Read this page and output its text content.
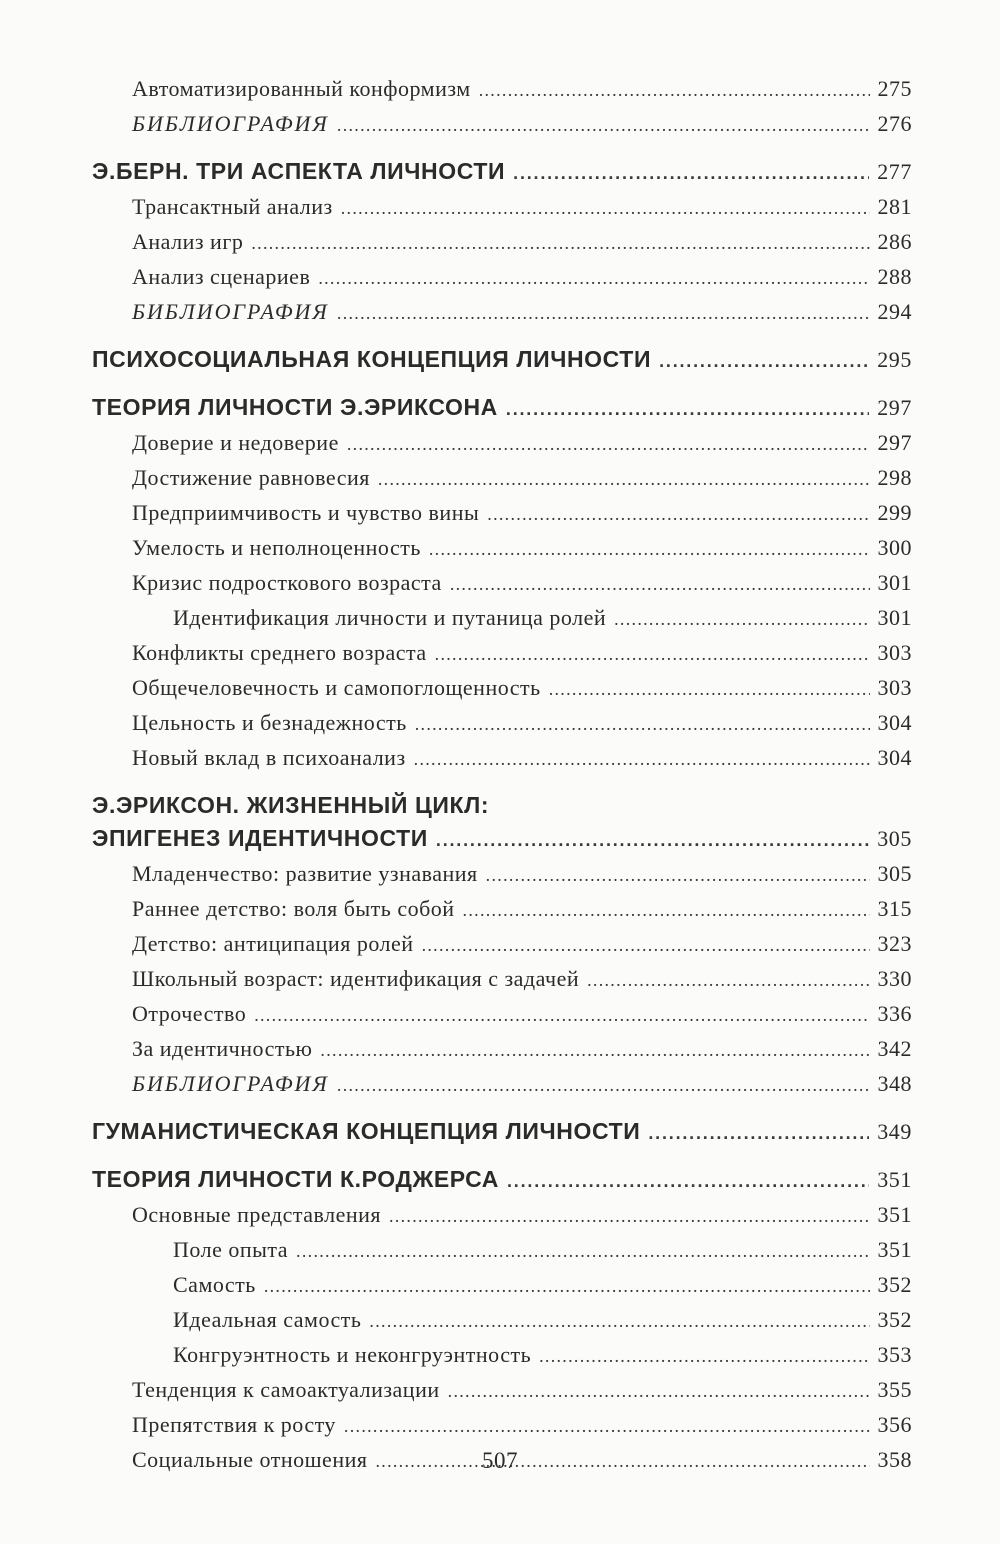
Автоматизированный конформизм . . .	275
БИБЛИОГРАФИЯ . . .	276
Э.БЕРН. ТРИ АСПЕКТА ЛИЧНОСТИ . . .	277
Трансактный анализ . . .	281
Анализ игр . . .	286
Анализ сценариев . . .	288
БИБЛИОГРАФИЯ . . .	294
ПСИХОСОЦИАЛЬНАЯ КОНЦЕПЦИЯ ЛИЧНОСТИ . . .	295
ТЕОРИЯ ЛИЧНОСТИ Э.ЭРИКСОНА . . .	297
Доверие и недоверие . . .	297
Достижение равновесия . . .	298
Предприимчивость и чувство вины . . .	299
Умелость и неполноценность . . .	300
Кризис подросткового возраста . . .	301
Идентификация личности и путаница ролей . . .	301
Конфликты среднего возраста . . .	303
Общечеловечность и самопоглощенность . . .	303
Цельность и безнадежность . . .	304
Новый вклад в психоанализ . . .	304
Э.ЭРИКСОН. ЖИЗНЕННЫЙ ЦИКЛ:
ЭПИГЕНЕЗ ИДЕНТИЧНОСТИ . . .	305
Младенчество: развитие узнавания . . .	305
Раннее детство: воля быть собой . . .	315
Детство: антиципация ролей . . .	323
Школьный возраст: идентификация с задачей . . .	330
Отрочество . . .	336
За идентичностью . . .	342
БИБЛИОГРАФИЯ . . .	348
ГУМАНИСТИЧЕСКАЯ КОНЦЕПЦИЯ ЛИЧНОСТИ . . .	349
ТЕОРИЯ ЛИЧНОСТИ К.РОДЖЕРСА . . .	351
Основные представления . . .	351
Поле опыта . . .	351
Самость . . .	352
Идеальная самость . . .	352
Конгруэнтность и неконгруэнтность . . .	353
Тенденция к самоактуализации . . .	355
Препятствия к росту . . .	356
Социальные отношения . . .	358
507
